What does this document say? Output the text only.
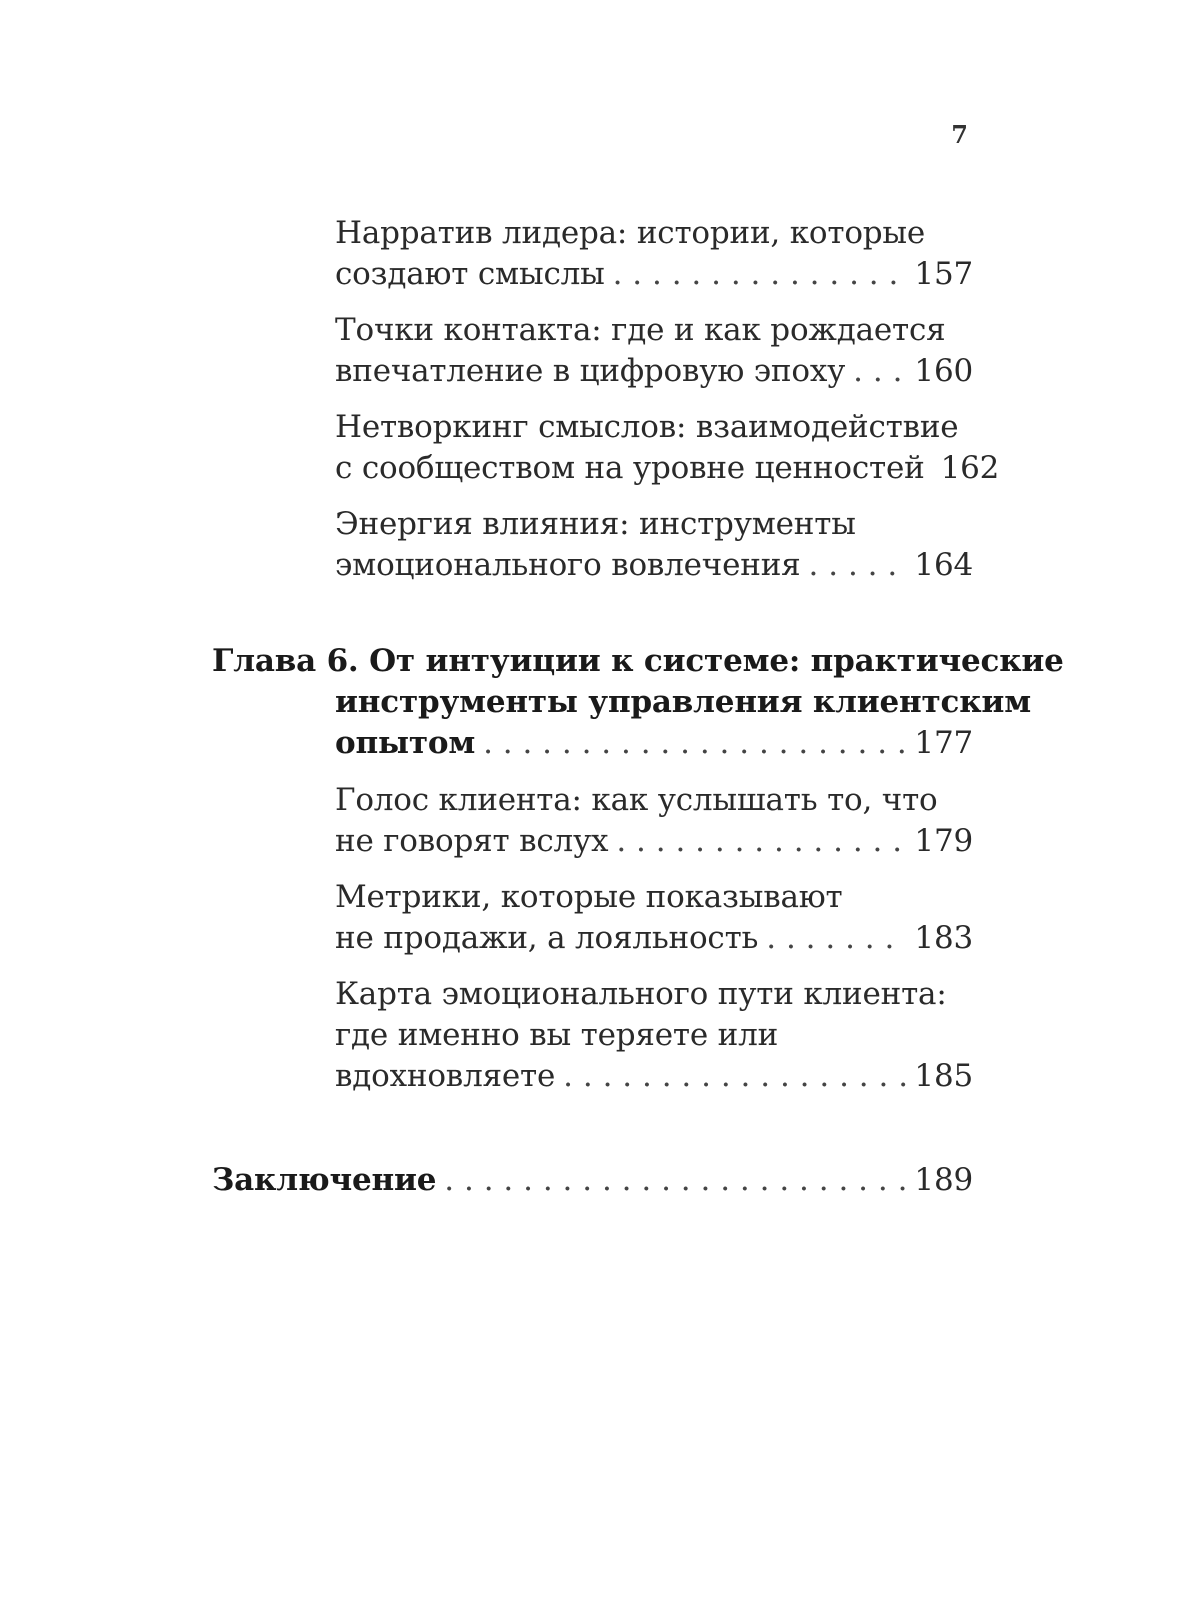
7
Нарратив лидера: истории, которые
создают смыслы . . .	157
Точки контакта: где и как рождается
впечатление в цифровую эпоху . . . 160
Нетворкинг смыслов: взаимодействие
с сообществом на уровне ценностей 162
Энергия влияния: инструменты
эмоционального вовлечения . . .	164
Глава 6. От интуиции к системе: практические
инструменты управления клиентским
опытом . . .	177
Голос клиента: как услышать то, что
не говорят вслух . . .	179
Метрики, которые показывают
не продажи, а лояльность . . .	183
Карта эмоционального пути клиента:
где именно вы теряете или
вдохновляете . . .	185
Заключение . . .	189
